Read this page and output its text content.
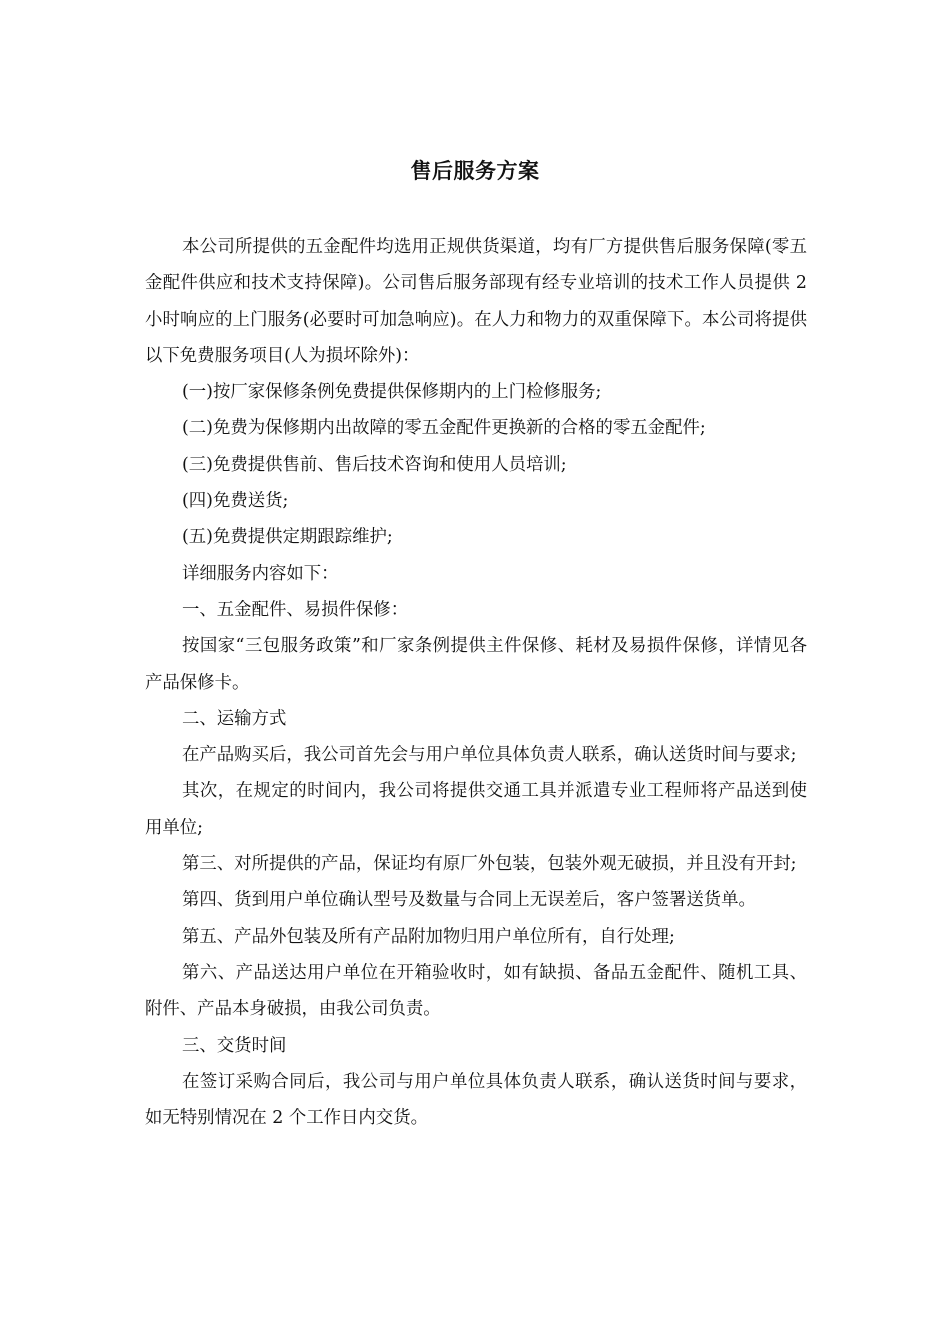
售后服务方案

本公司所提供的五金配件均选用正规供货渠道，均有厂方提供售后服务保障(零五金配件供应和技术支持保障)。公司售后服务部现有经专业培训的技术工作人员提供 2 小时响应的上门服务(必要时可加急响应)。在人力和物力的双重保障下。本公司将提供以下免费服务项目(人为损坏除外)：

(一)按厂家保修条例免费提供保修期内的上门检修服务;

(二)免费为保修期内出故障的零五金配件更换新的合格的零五金配件;

(三)免费提供售前、售后技术咨询和使用人员培训;

(四)免费送货;

(五)免费提供定期跟踪维护;

详细服务内容如下：

一、五金配件、易损件保修：

按国家“三包服务政策”和厂家条例提供主件保修、耗材及易损件保修，详情见各产品保修卡。

二、运输方式

在产品购买后，我公司首先会与用户单位具体负责人联系，确认送货时间与要求;

其次，在规定的时间内，我公司将提供交通工具并派遣专业工程师将产品送到使用单位;

第三、对所提供的产品，保证均有原厂外包装，包装外观无破损，并且没有开封;

第四、货到用户单位确认型号及数量与合同上无误差后，客户签署送货单。

第五、产品外包装及所有产品附加物归用户单位所有，自行处理;

第六、产品送达用户单位在开箱验收时，如有缺损、备品五金配件、随机工具、附件、产品本身破损，由我公司负责。

三、交货时间

在签订采购合同后，我公司与用户单位具体负责人联系，确认送货时间与要求，如无特别情况在 2 个工作日内交货。
